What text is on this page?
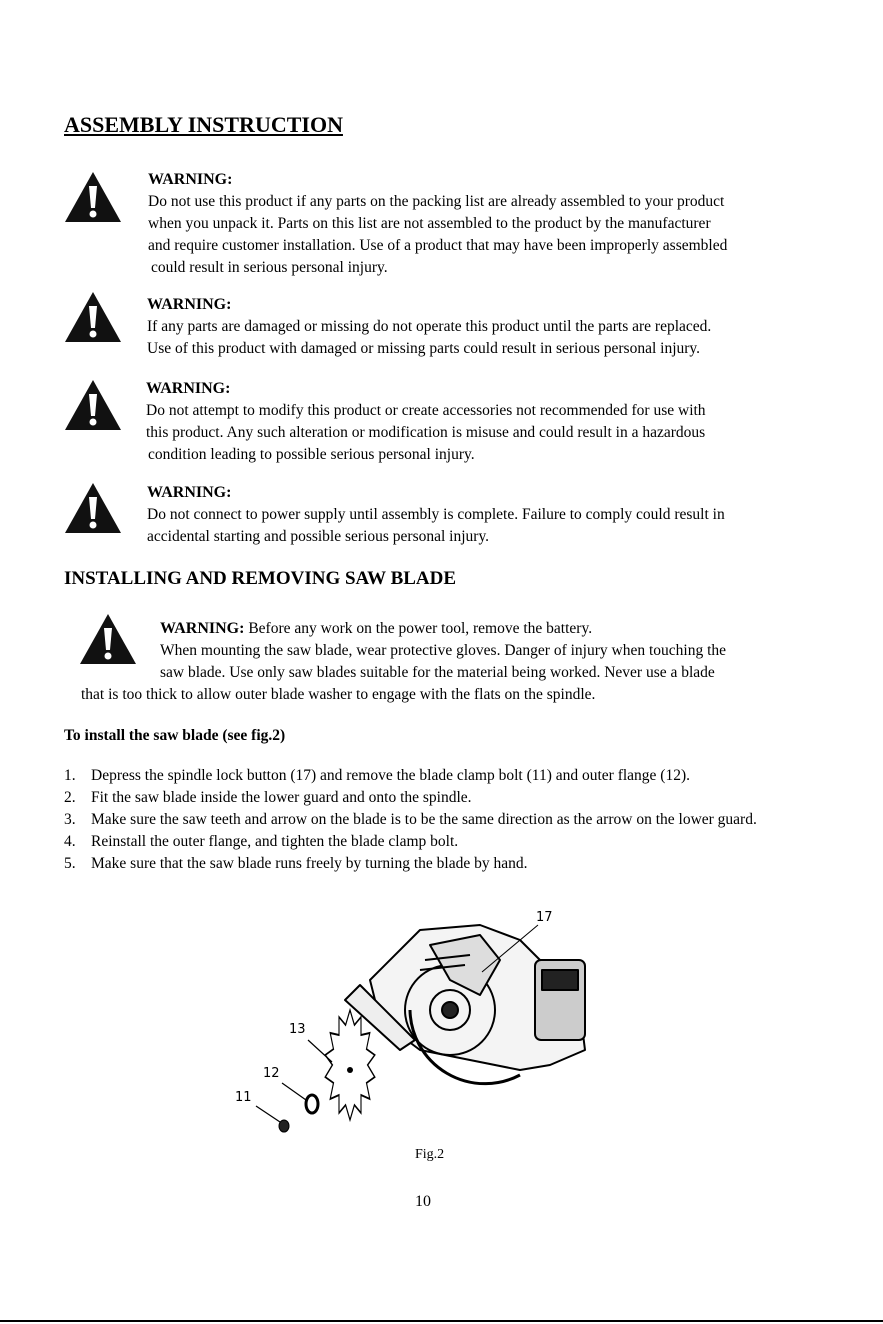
ASSEMBLY INSTRUCTION
WARNING:
Do not use this product if any parts on the packing list are already assembled to your product
when you unpack it. Parts on this list are not assembled to the product by the manufacturer
and require customer installation. Use of a product that may have been improperly assembled
could result in serious personal injury.
WARNING:
If any parts are damaged or missing do not operate this product until the parts are replaced.
Use of this product with damaged or missing parts could result in serious personal injury.
WARNING:
Do not attempt to modify this product or create accessories not recommended for use with
this product. Any such alteration or modification is misuse and could result in a hazardous
condition leading to possible serious personal injury.
WARNING:
Do not connect to power supply until assembly is complete. Failure to comply could result in
accidental starting and possible serious personal injury.
INSTALLING AND REMOVING SAW BLADE
WARNING: Before any work on the power tool, remove the battery.
When mounting the saw blade, wear protective gloves. Danger of injury when touching the
saw blade. Use only saw blades suitable for the material being worked. Never use a blade
that is too thick to allow outer blade washer to engage with the flats on the spindle.
To install the saw blade (see fig.2)
1. Depress the spindle lock button (17) and remove the blade clamp bolt (11) and outer flange (12).
2. Fit the saw blade inside the lower guard and onto the spindle.
3. Make sure the saw teeth and arrow on the blade is to be the same direction as the arrow on the lower guard.
4. Reinstall the outer flange, and tighten the blade clamp bolt.
5. Make sure that the saw blade runs freely by turning the blade by hand.
17
13
12
11
Fig.2
10
